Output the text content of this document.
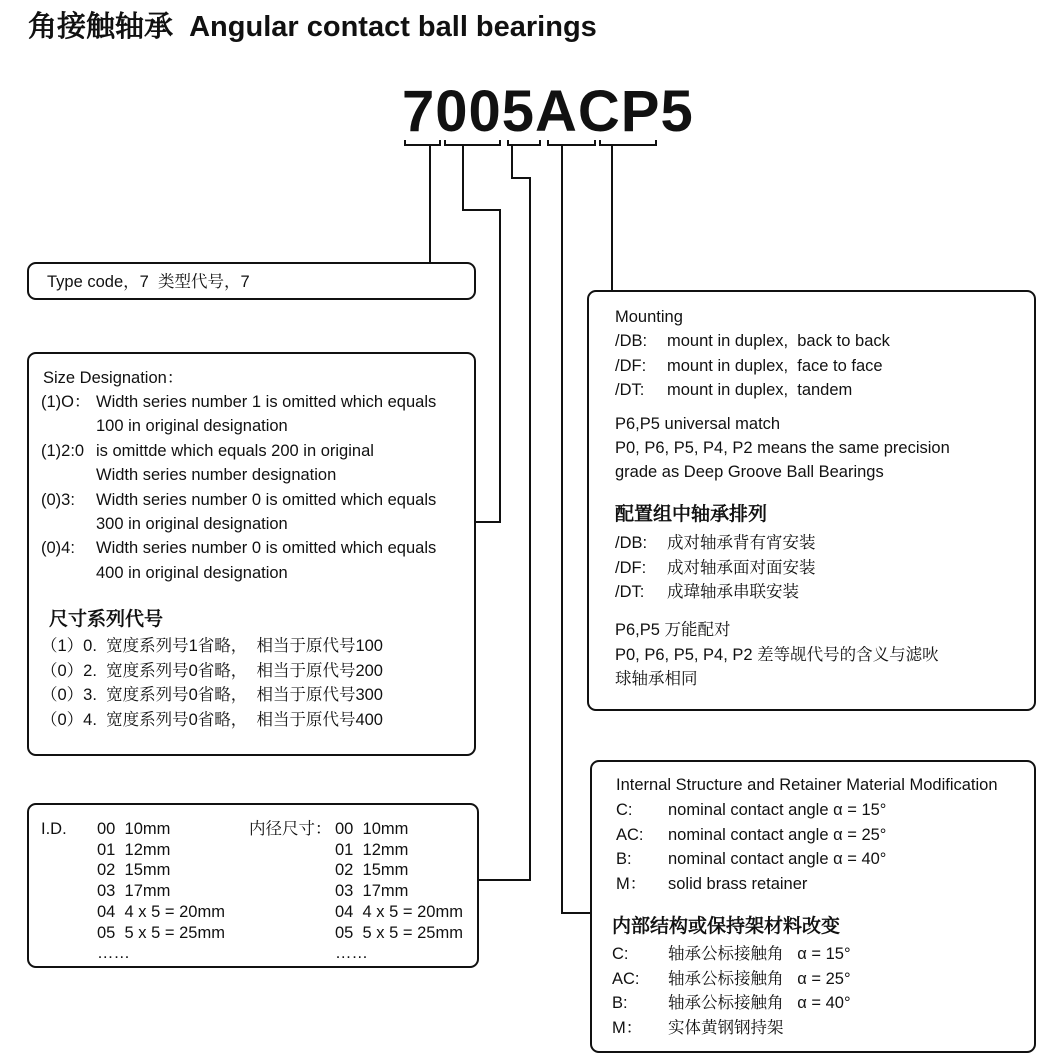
角接触轴承  Angular contact ball bearings
7005ACP5
Type code，7  类型代号，7
Size Designation：
(1)O： Width series number 1 is omitted which equals
100 in original designation
(1)2:0 is omittde which equals 200 in original
Width series number designation
(0)3: Width series number 0 is omitted which equals
300 in original designation
(0)4: Width series number 0 is omitted which equals
400 in original designation
尺寸系列代号
（1）0.  宽度系列号1省略，  相当于原代号100
（0）2.  宽度系列号0省略，  相当于原代号200
（0）3.  宽度系列号0省略，  相当于原代号300
（0）4.  宽度系列号0省略，  相当于原代号400
I.D.	内径尺寸：
00  10mm	00  10mm
01  12mm	01  12mm
02  15mm	02  15mm
03  17mm	03  17mm
04  4 x 5 = 20mm	04  4 x 5 = 20mm
05  5 x 5 = 25mm	05  5 x 5 = 25mm
……	……
Mounting
/DB: mount in duplex,  back to back
/DF: mount in duplex,  face to face
/DT: mount in duplex,  tandem
P6,P5 universal match
P0, P6, P5, P4, P2 means the same precision
grade as Deep Groove Ball Bearings
配置组中轴承排列
/DB: 成对轴承背有宵安装
/DF: 成对轴承面对面安装
/DT: 成瑋轴承串联安装
P6,P5 万能配对
P0, P6, P5, P4, P2 差等觇代号的含义与滤吙
球轴承相同
Internal Structure and Retainer Material Modification
C: nominal contact angle α = 15°
AC: nominal contact angle α = 25°
B: nominal contact angle α = 40°
M： solid brass retainer
内部结构或保持架材料改变
C: 轴承公标接触角   α = 15°
AC: 轴承公标接触角   α = 25°
B: 轴承公标接触角   α = 40°
M： 实体黄钢钢持架
